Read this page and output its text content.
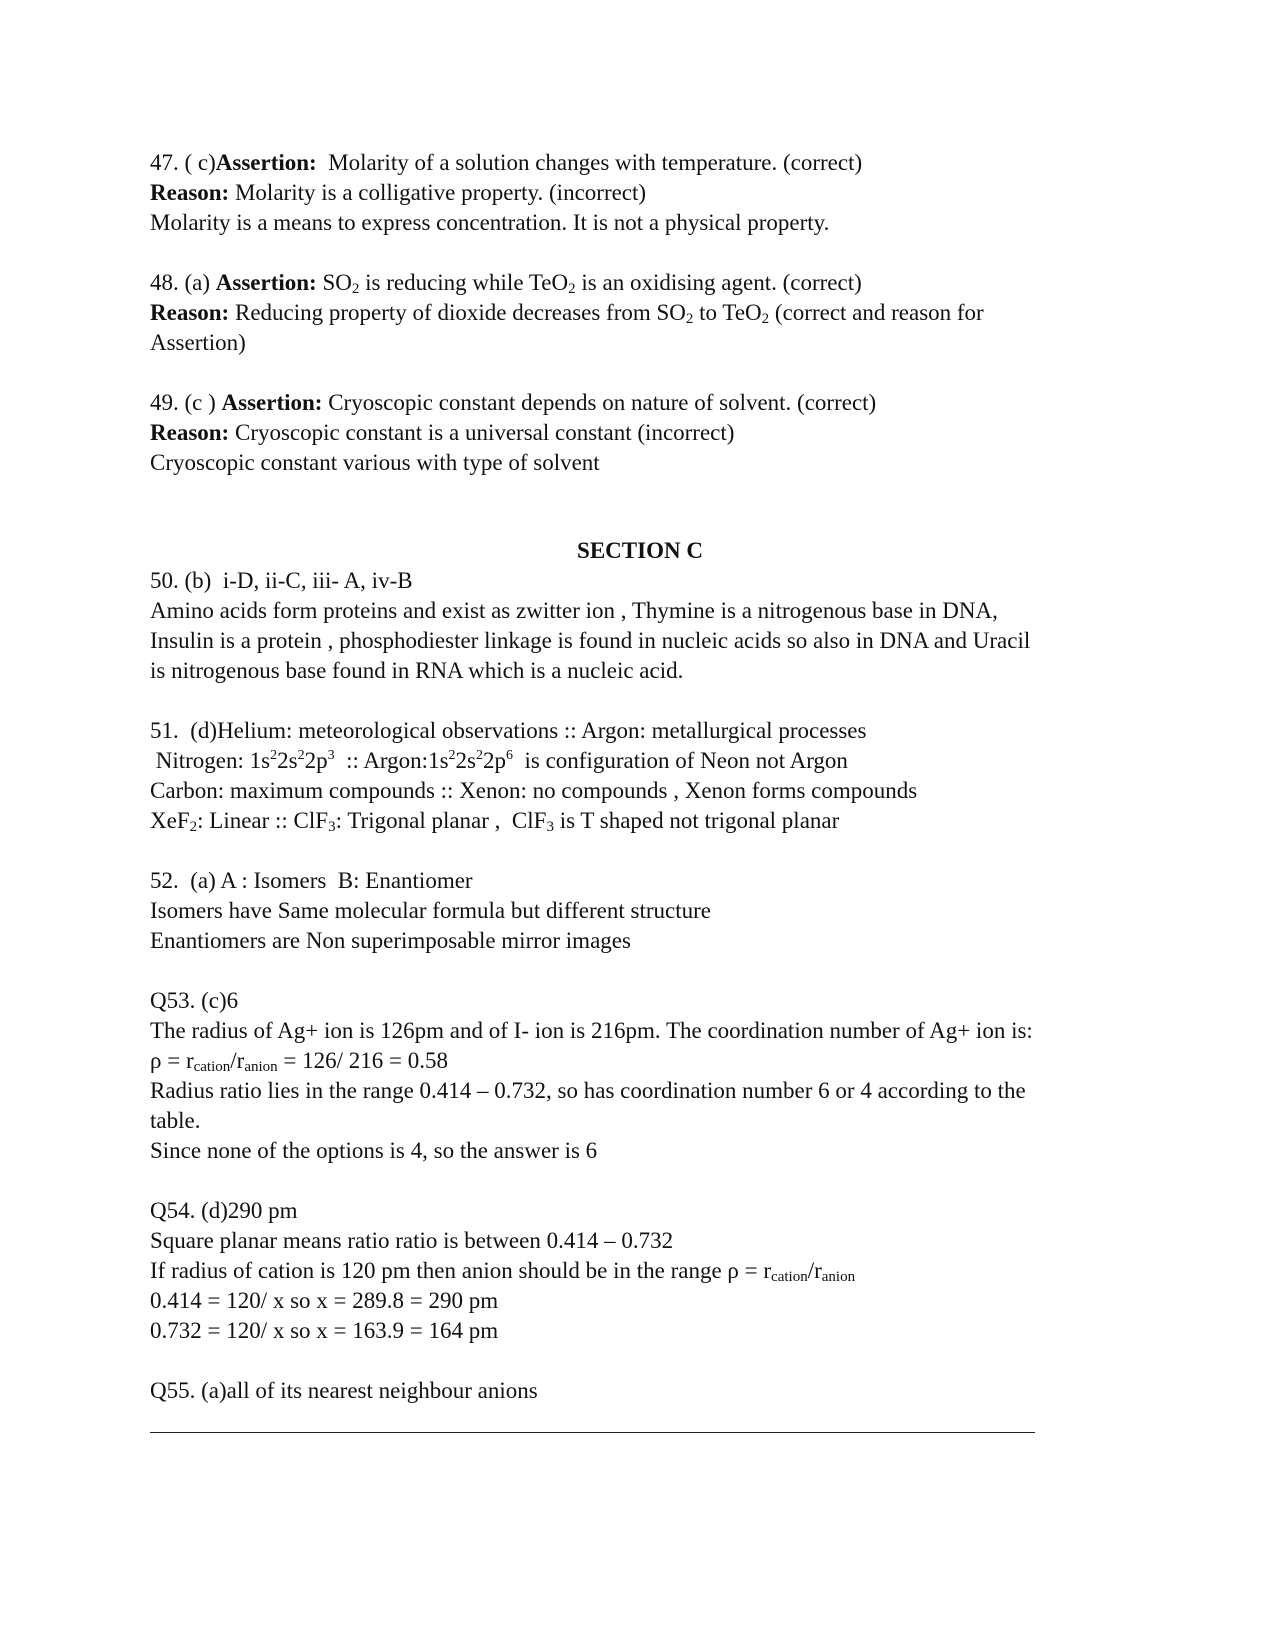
47. ( c)Assertion:  Molarity of a solution changes with temperature. (correct)
Reason: Molarity is a colligative property. (incorrect)
Molarity is a means to express concentration. It is not a physical property.
48. (a) Assertion: $SO_2$ is reducing while TeO$_2$ is an oxidising agent. (correct)
Reason: Reducing property of dioxide decreases from $SO_2$ to TeO$_2$ (correct and reason for
Assertion)
49. (c ) Assertion: Cryoscopic constant depends on nature of solvent. (correct)
Reason: Cryoscopic constant is a universal constant (incorrect)
Cryoscopic constant various with type of solvent
SECTION C
50. (b)  i-D, ii-C, iii- A, iv-B
Amino acids form proteins and exist as zwitter ion , Thymine is a nitrogenous base in DNA,
Insulin is a protein , phosphodiester linkage is found in nucleic acids so also in DNA and Uracil
is nitrogenous base found in RNA which is a nucleic acid.
51.  (d)Helium: meteorological observations :: Argon: metallurgical processes
Nitrogen: $1s^22s^22p^3$  :: $Argon:1s^22s^22p^6$  is configuration of Neon not Argon
Carbon: maximum compounds :: Xenon: no compounds , Xenon forms compounds
XeF$_2$: Linear :: ClF$_3$: Trigonal planar ,  ClF$_3$ is T shaped not trigonal planar
52.  (a) A : Isomers  B: Enantiomer
Isomers have Same molecular formula but different structure
Enantiomers are Non superimposable mirror images
Q53. (c)6
The radius of Ag+ ion is 126pm and of I- ion is 216pm. The coordination number of Ag+ ion is:
$\rho = r_{cation}/r_{anion} = 126/$ 216 = 0.58
Radius ratio lies in the range 0.414 – 0.732, so has coordination number 6 or 4 according to the
table.
Since none of the options is 4, so the answer is 6
Q54. (d)290 pm
Square planar means ratio ratio is between 0.414 – 0.732
If radius of cation is 120 pm then anion should be in the range $\rho = r_{cation}/r_{anion}$
0.414 = 120/ x so x = 289.8 = 290 pm
0.732 = 120/ x so x = 163.9 = 164 pm
Q55. (a)all of its nearest neighbour anions
